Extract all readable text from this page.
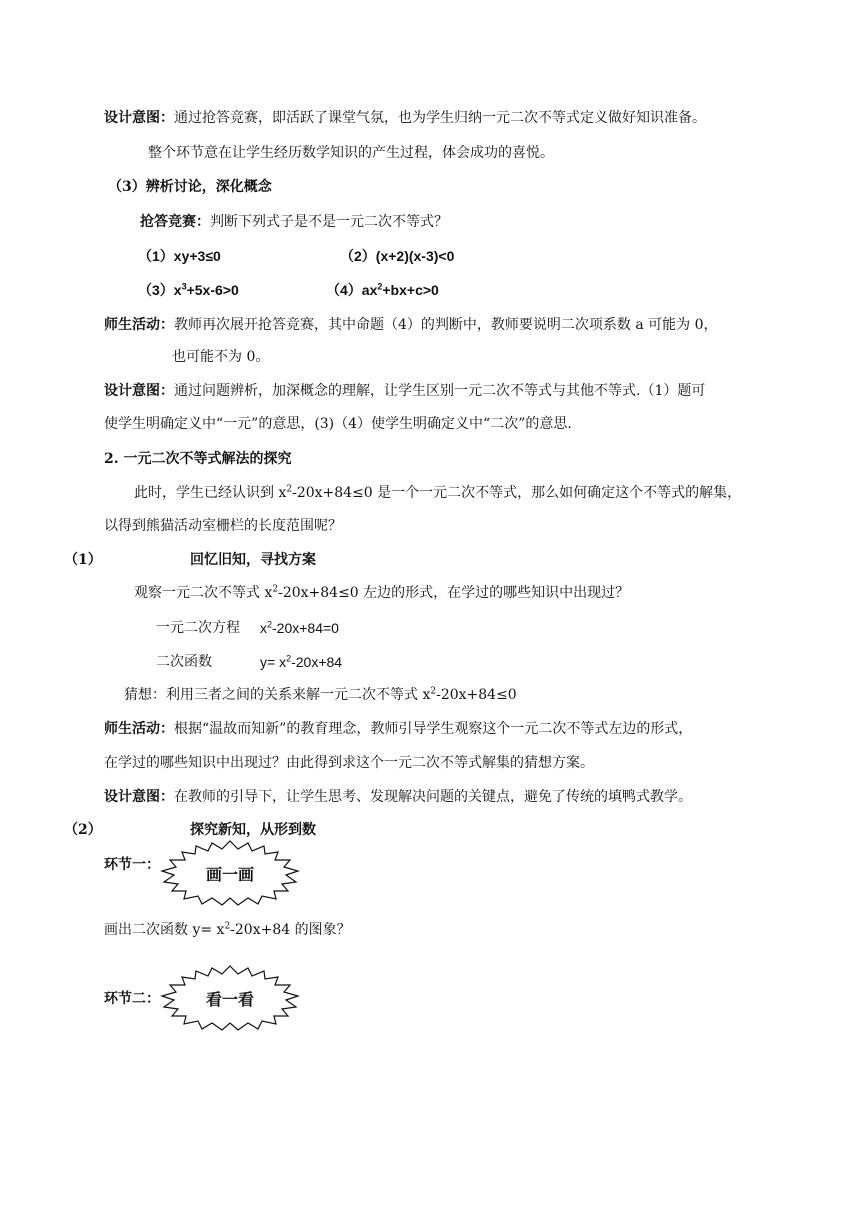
设计意图：通过抢答竞赛，即活跃了课堂气氛，也为学生归纳一元二次不等式定义做好知识准备。
整个环节意在让学生经历数学知识的产生过程，体会成功的喜悦。
（3）辨析讨论，深化概念
抢答竞赛：判断下列式子是不是一元二次不等式？
（1）xy+3≤0	（2）(x+2)(x-3)<0
$(3)x^3+5x-6>0$	$(4)ax^2+bx+c>0$
师生活动：教师再次展开抢答竞赛，其中命题（4）的判断中，教师要说明二次项系数 a 可能为 0，
也可能不为 0。
设计意图：通过问题辨析，加深概念的理解，让学生区别一元二次不等式与其他不等式.（1）题可
使学生明确定义中“一元”的意思，(3)（4）使学生明确定义中“二次”的意思.
2. 一元二次不等式解法的探究
此时，学生已经认识到 $x^2-20x+84\le 0$ 是一个一元二次不等式，那么如何确定这个不等式的解集，
以得到熊猫活动室栅栏的长度范围呢？
（1）	回忆旧知，寻找方案
观察一元二次不等式 $x^2-20x+84\le 0$ 左边的形式，在学过的哪些知识中出现过？
一元二次方程 $x^2-20x+84=0$
二次函数	$y= x^2-20x+84$
猜想：利用三者之间的关系来解一元二次不等式 $x^2-20x+84\le 0$
师生活动：根据“温故而知新”的教育理念，教师引导学生观察这个一元二次不等式左边的形式，
在学过的哪些知识中出现过？由此得到求这个一元二次不等式解集的猜想方案。
设计意图：在教师的引导下，让学生思考、发现解决问题的关键点，避免了传统的填鸭式教学。
（2）	探究新知，从形到数
环节一：	画一画
画出二次函数 $y= x^2-20x+84$ 的图象？
环节二：	看一看
